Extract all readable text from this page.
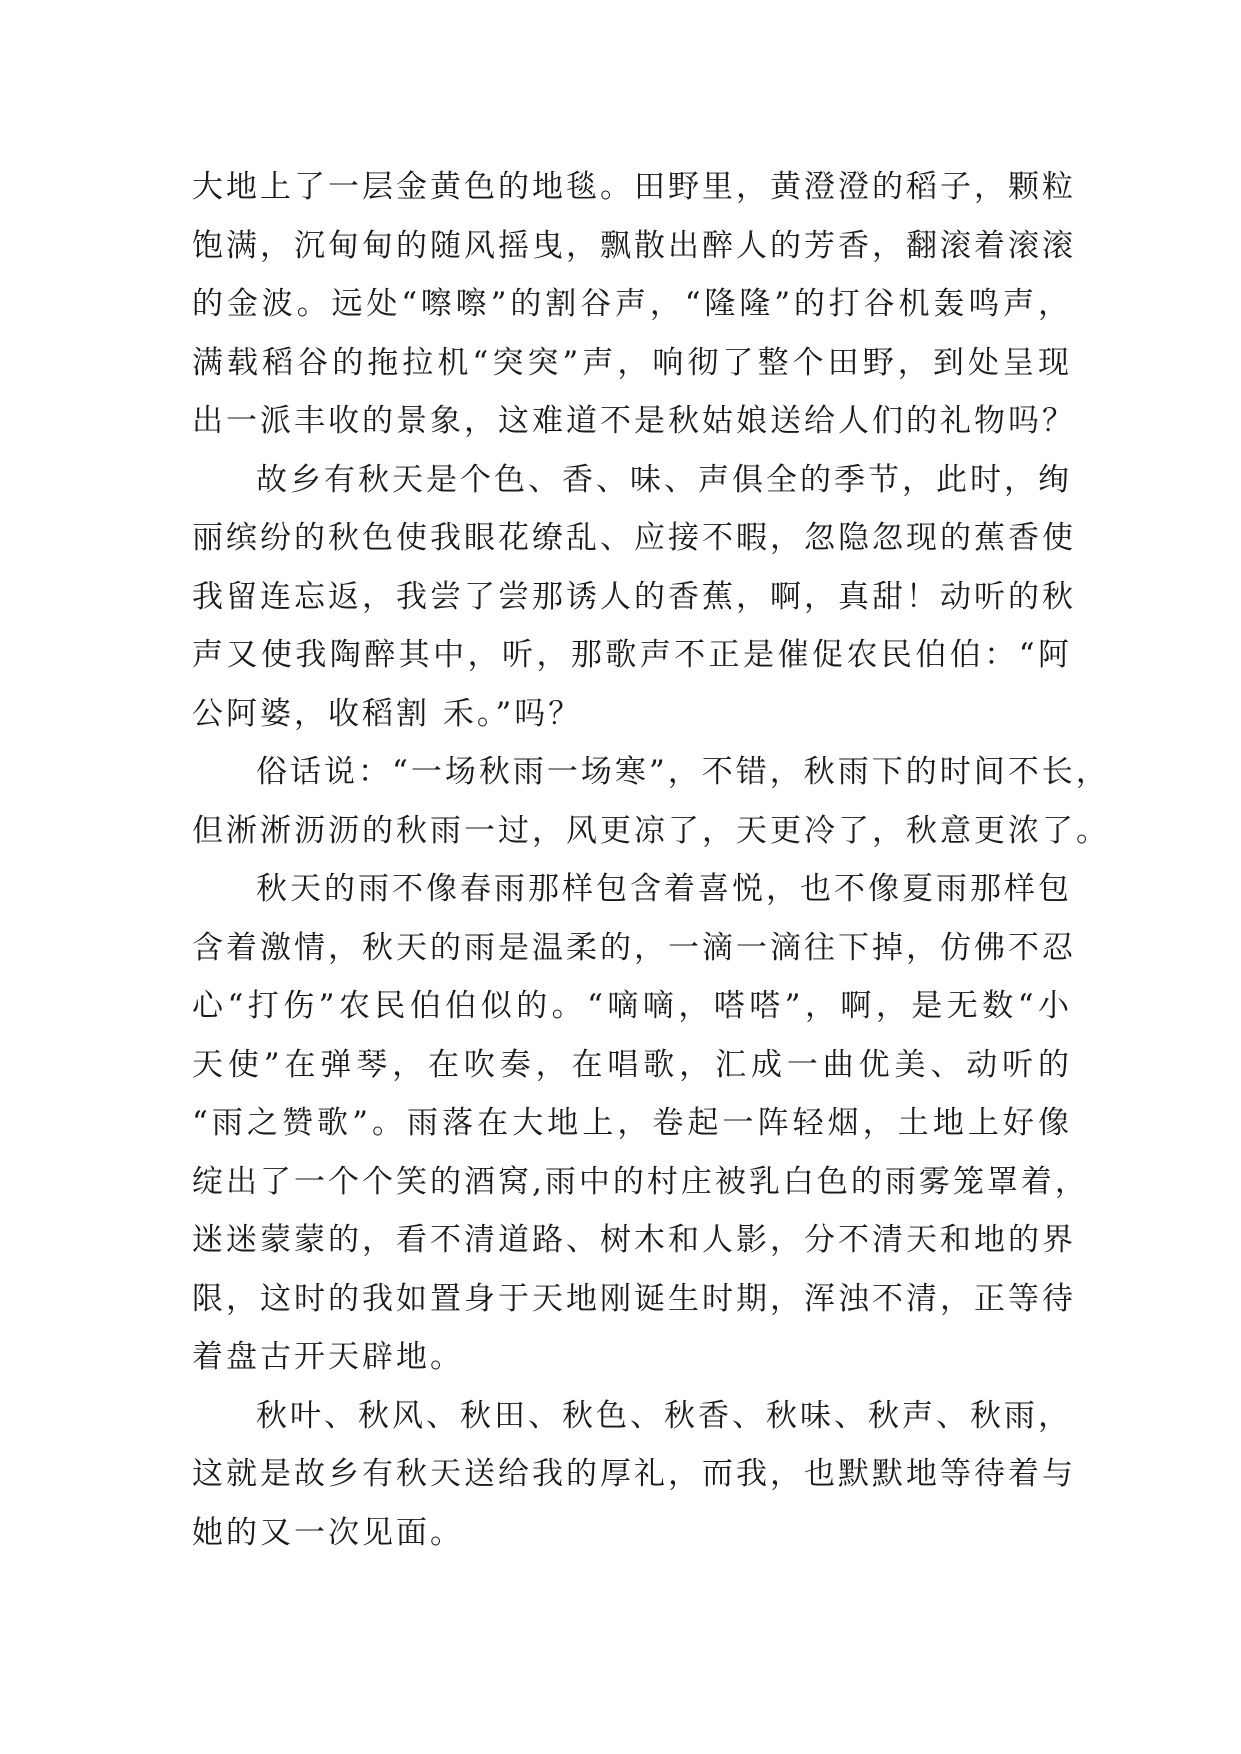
大地上了一层金黄色的地毯。田野里，黄澄澄的稻子，颗粒
饱满，沉甸甸的随风摇曳，飘散出醉人的芳香，翻滚着滚滚
的金波。远处“嚓嚓”的割谷声，“隆隆”的打谷机轰鸣声，
满载稻谷的拖拉机“突突”声，响彻了整个田野，到处呈现
出一派丰收的景象，这难道不是秋姑娘送给人们的礼物吗？
故乡有秋天是个色、香、味、声俱全的季节，此时，绚
丽缤纷的秋色使我眼花缭乱、应接不暇，忽隐忽现的蕉香使
我留连忘返，我尝了尝那诱人的香蕉，啊，真甜！动听的秋
声又使我陶醉其中，听，那歌声不正是催促农民伯伯：“阿
公阿婆，收稻割 禾。”吗？
俗话说：“一场秋雨一场寒”，不错，秋雨下的时间不长，
但淅淅沥沥的秋雨一过，风更凉了，天更冷了，秋意更浓了。
秋天的雨不像春雨那样包含着喜悦，也不像夏雨那样包
含着激情，秋天的雨是温柔的，一滴一滴往下掉，仿佛不忍
心“打伤”农民伯伯似的。“嘀嘀，嗒嗒”，啊，是无数“小
天使”在弹琴，在吹奏，在唱歌，汇成一曲优美、动听的
“雨之赞歌”。雨落在大地上，卷起一阵轻烟，土地上好像
绽出了一个个笑的酒窝,雨中的村庄被乳白色的雨雾笼罩着，
迷迷蒙蒙的，看不清道路、树木和人影，分不清天和地的界
限，这时的我如置身于天地刚诞生时期，浑浊不清，正等待
着盘古开天辟地。
秋叶、秋风、秋田、秋色、秋香、秋味、秋声、秋雨，
这就是故乡有秋天送给我的厚礼，而我，也默默地等待着与
她的又一次见面。
